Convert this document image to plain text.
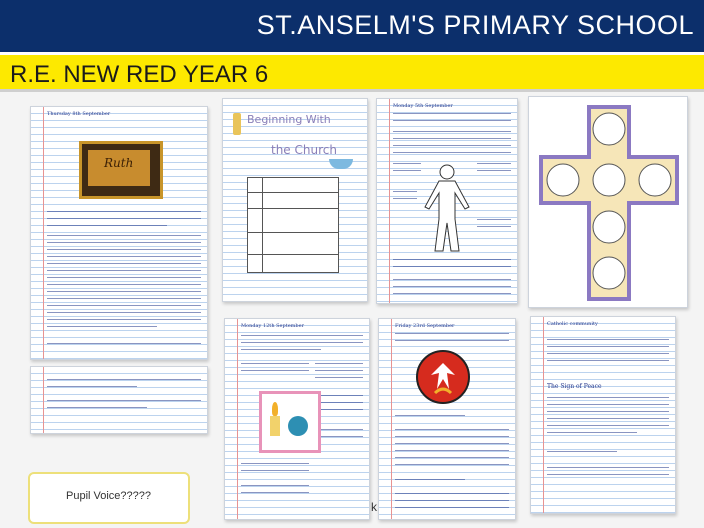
ST.ANSELM'S PRIMARY SCHOOL
R.E. NEW RED YEAR 6
Thursday 8th September
Ruth
Beginning With
the Church
Monday 5th September
Monday 12th September	Friday 23rd September	Catholic community
The Sign of Peace
Pupil Voice?????
k
